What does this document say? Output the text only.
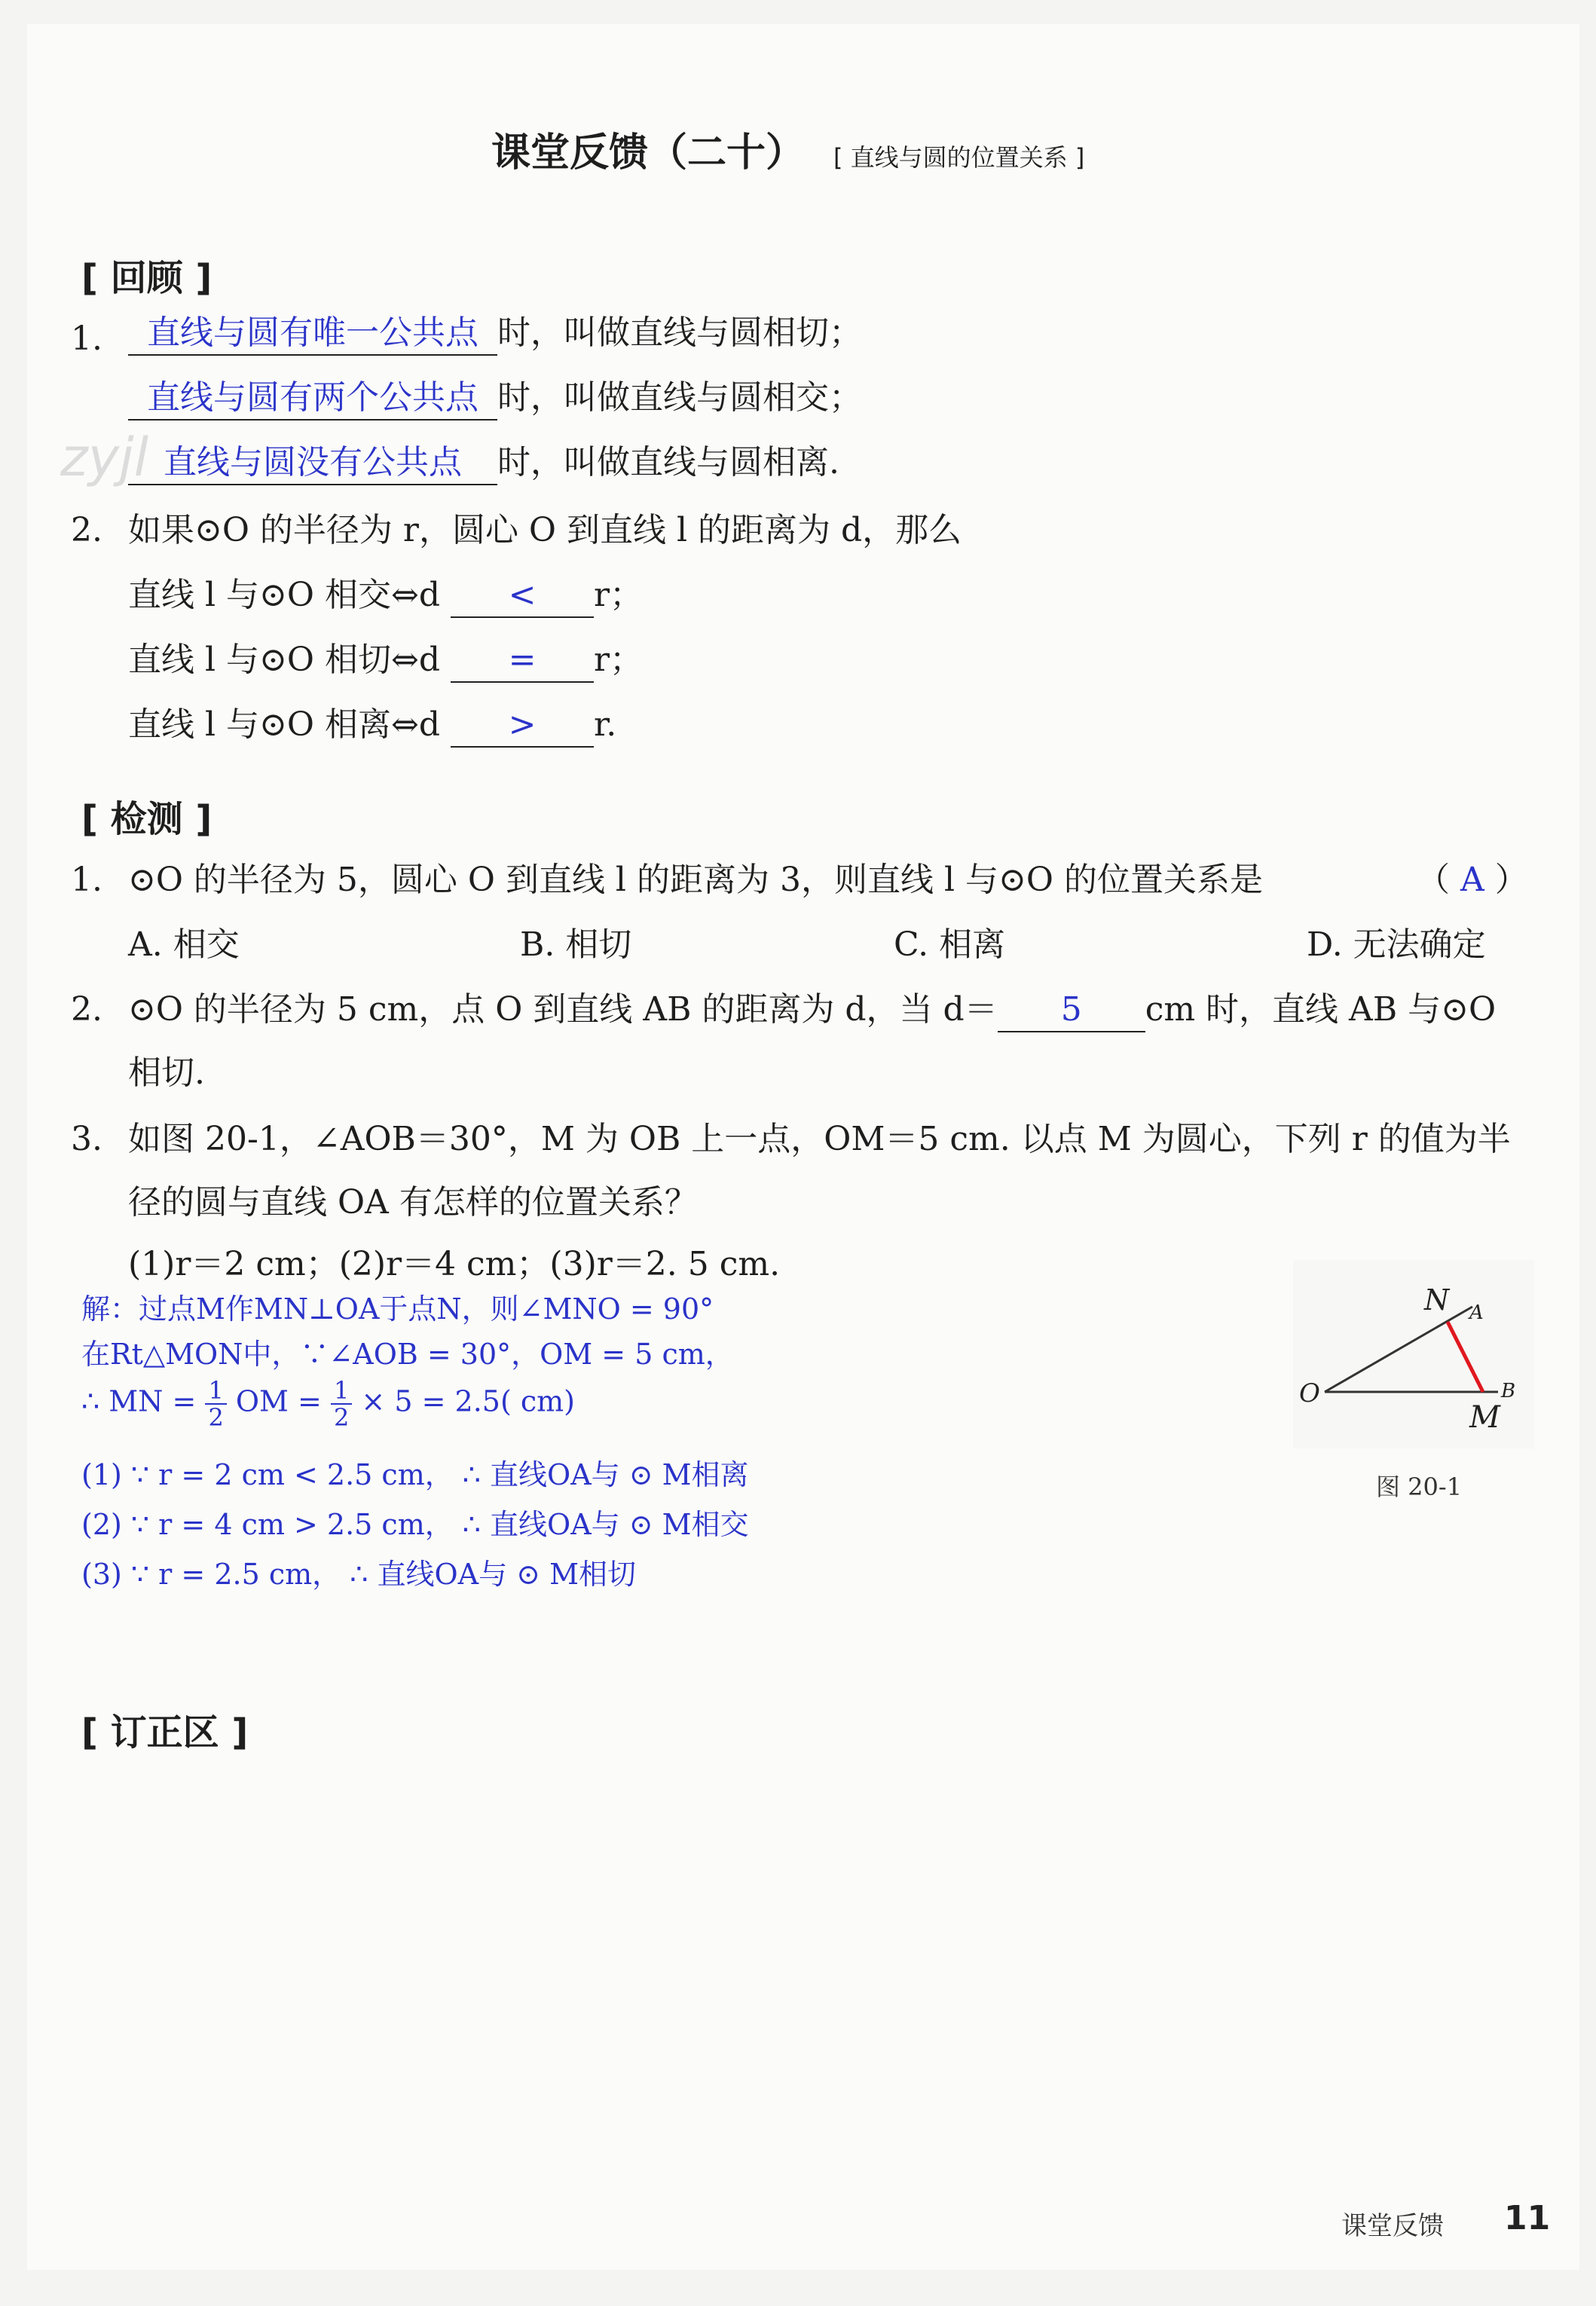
课堂反馈（二十） [ 直线与圆的位置关系 ]
zyjl
[ 回顾 ]
1.	直线与圆有唯一公共点 时，叫做直线与圆相切；
直线与圆有两个公共点 时，叫做直线与圆相交；
直线与圆没有公共点 时，叫做直线与圆相离.
2. 如果⊙O 的半径为 r，圆心 O 到直线 l 的距离为 d，那么
直线 l 与⊙O 相交⇔d < r；
直线 l 与⊙O 相切⇔d = r；
直线 l 与⊙O 相离⇔d > r.
[ 检测 ]
1. ⊙O 的半径为 5，圆心 O 到直线 l 的距离为 3，则直线 l 与⊙O 的位置关系是	（ A ）
A. 相交	B. 相切	C. 相离	D. 无法确定
2. ⊙O 的半径为 5 cm，点 O 到直线 AB 的距离为 d，当 d＝ 5 cm 时，直线 AB 与⊙O
相切.
3. 如图 20-1，∠AOB＝30°，M 为 OB 上一点，OM＝5 cm. 以点 M 为圆心，下列 r 的值为半
径的圆与直线 OA 有怎样的位置关系？
(1)r＝2 cm；(2)r＝4 cm；(3)r＝2. 5 cm.
解：过点M作MN⊥OA于点N，则∠MNO = 90°
在Rt△MON中，∵∠AOB = 30°，OM = 5 cm，
∴ MN = $\frac{1}{2}$ OM = $\frac{1}{2} \times 5 = 2.5$( cm)
(1) ∵ r = 2 cm < 2.5 cm， ∴ 直线OA与 ⊙ M相离
(2) ∵ r = 4 cm > 2.5 cm， ∴ 直线OA与 ⊙ M相交
(3) ∵ r = 2.5 cm， ∴ 直线OA与 ⊙ M相切
O
N A
B
M
图 20-1
[ 订正区 ]
课堂反馈 11
